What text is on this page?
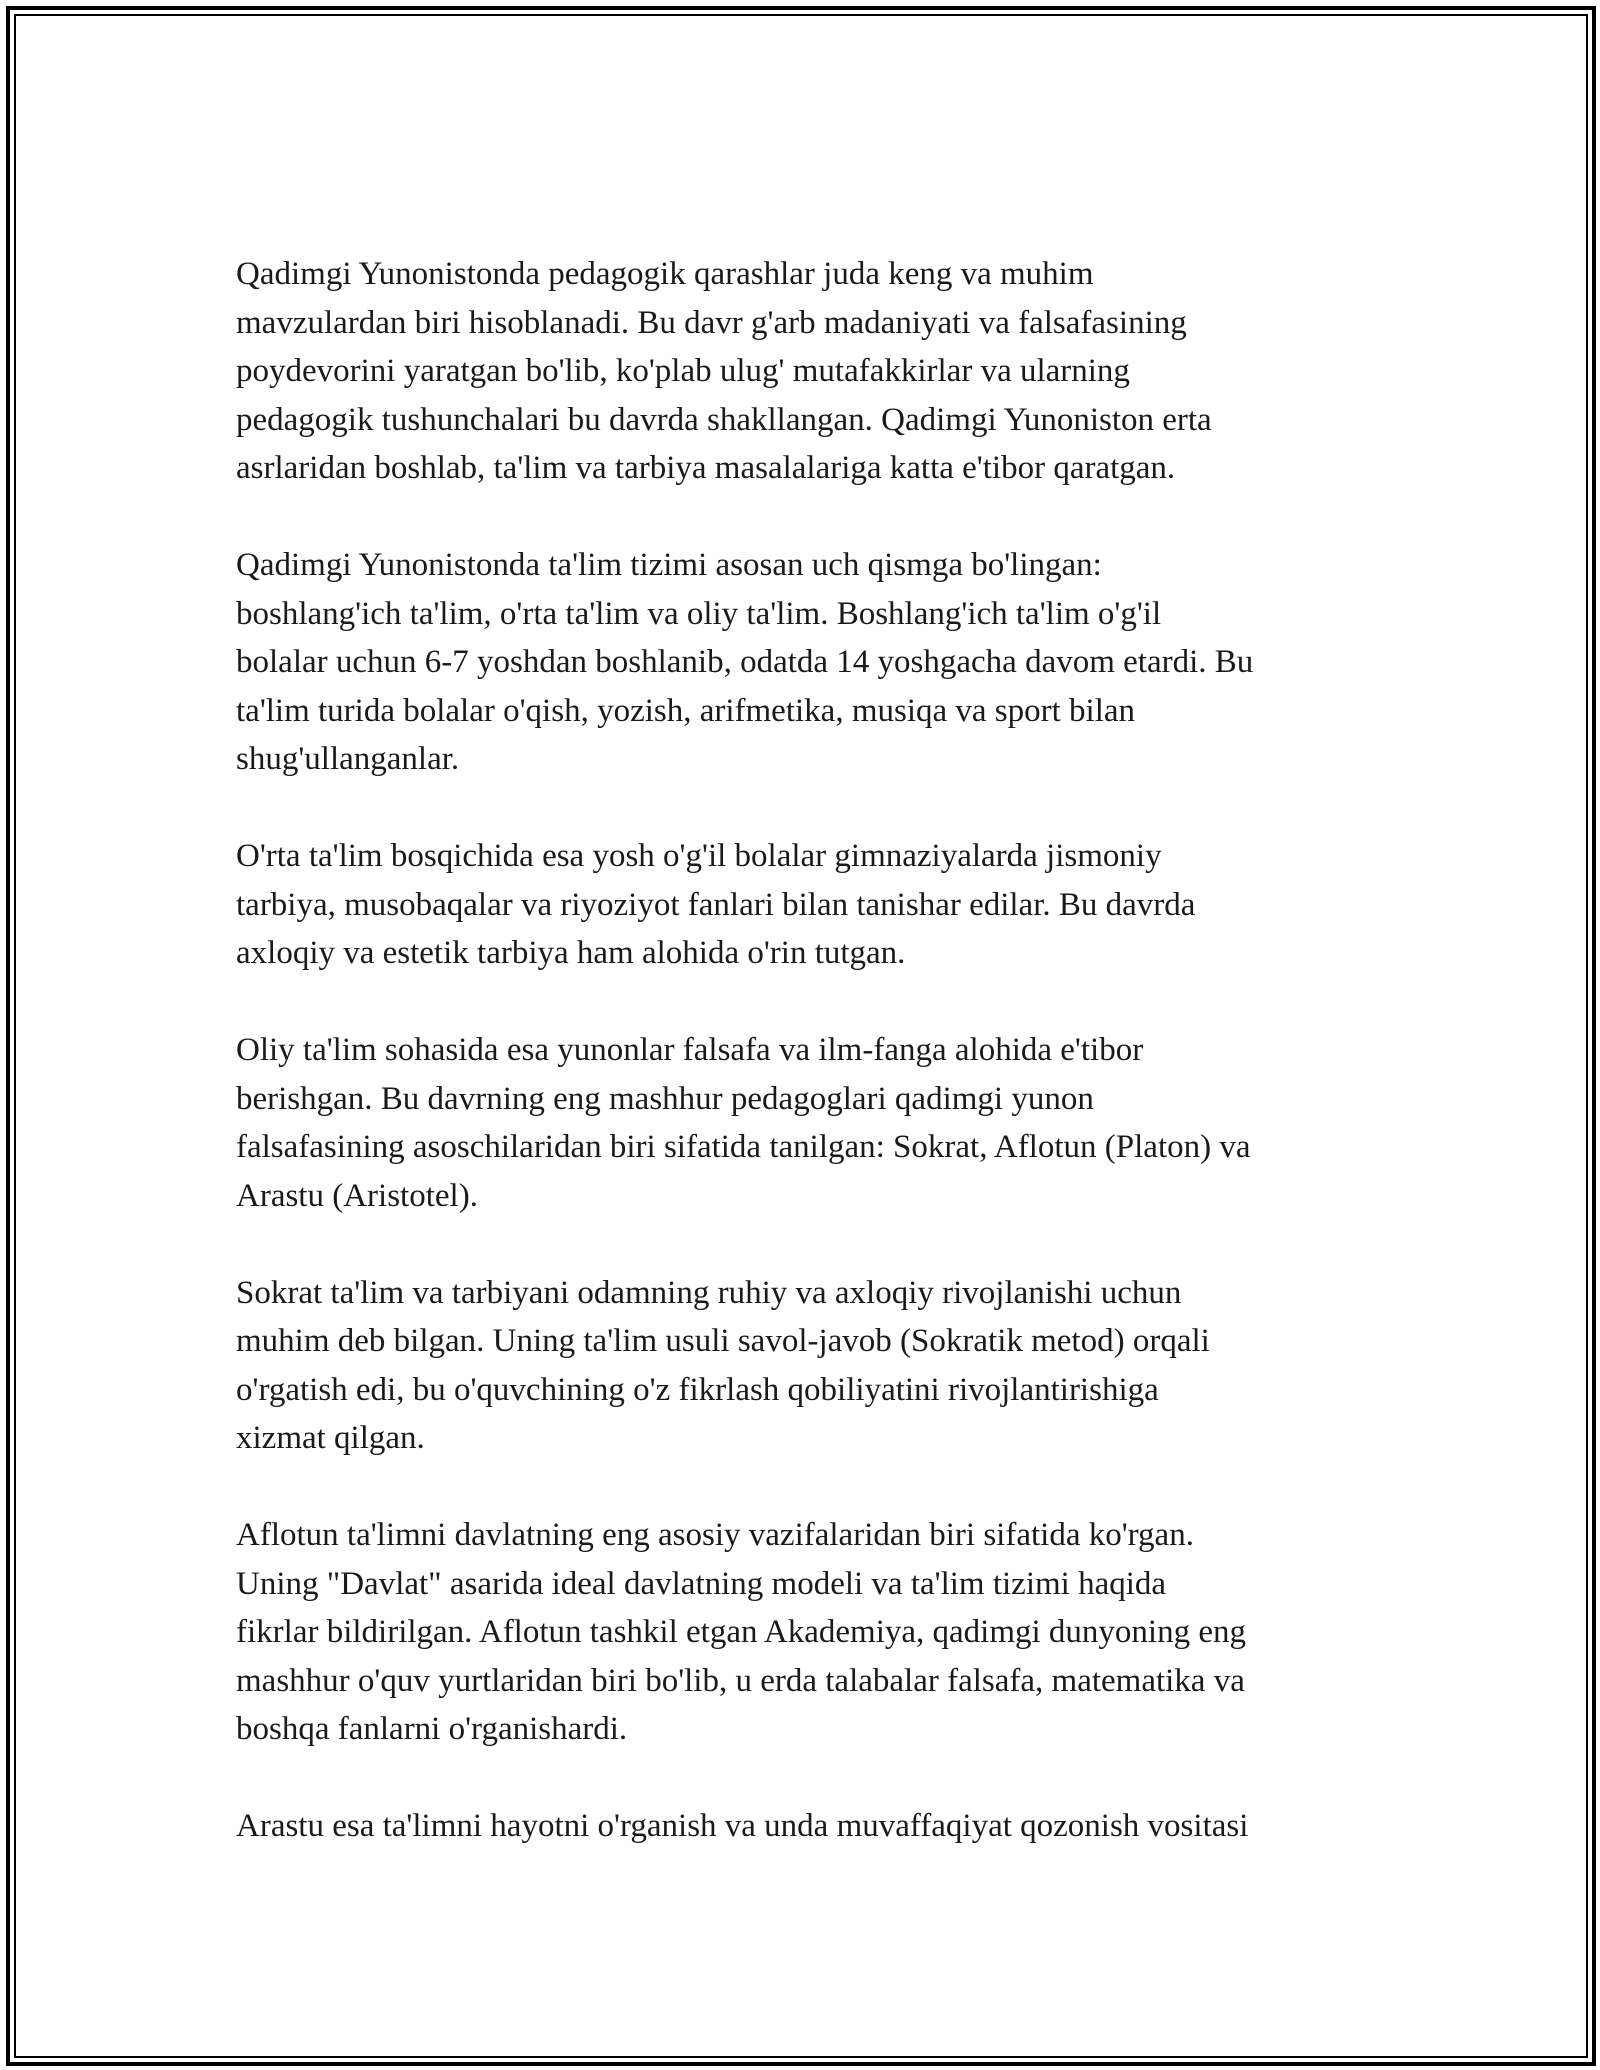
Qadimgi Yunonistonda pedagogik qarashlar juda keng va muhim
mavzulardan biri hisoblanadi. Bu davr g'arb madaniyati va falsafasining
poydevorini yaratgan bo'lib, ko'plab ulug' mutafakkirlar va ularning
pedagogik tushunchalari bu davrda shakllangan. Qadimgi Yunoniston erta
asrlaridan boshlab, ta'lim va tarbiya masalalariga katta e'tibor qaratgan.
Qadimgi Yunonistonda ta'lim tizimi asosan uch qismga bo'lingan:
boshlang'ich ta'lim, o'rta ta'lim va oliy ta'lim. Boshlang'ich ta'lim o'g'il
bolalar uchun 6-7 yoshdan boshlanib, odatda 14 yoshgacha davom etardi. Bu
ta'lim turida bolalar o'qish, yozish, arifmetika, musiqa va sport bilan
shug'ullanganlar.
O'rta ta'lim bosqichida esa yosh o'g'il bolalar gimnaziyalarda jismoniy
tarbiya, musobaqalar va riyoziyot fanlari bilan tanishar edilar. Bu davrda
axloqiy va estetik tarbiya ham alohida o'rin tutgan.
Oliy ta'lim sohasida esa yunonlar falsafa va ilm-fanga alohida e'tibor
berishgan. Bu davrning eng mashhur pedagoglari qadimgi yunon
falsafasining asoschilaridan biri sifatida tanilgan: Sokrat, Aflotun (Platon) va
Arastu (Aristotel).
Sokrat ta'lim va tarbiyani odamning ruhiy va axloqiy rivojlanishi uchun
muhim deb bilgan. Uning ta'lim usuli savol-javob (Sokratik metod) orqali
o'rgatish edi, bu o'quvchining o'z fikrlash qobiliyatini rivojlantirishiga
xizmat qilgan.
Aflotun ta'limni davlatning eng asosiy vazifalaridan biri sifatida ko'rgan.
Uning "Davlat" asarida ideal davlatning modeli va ta'lim tizimi haqida
fikrlar bildirilgan. Aflotun tashkil etgan Akademiya, qadimgi dunyoning eng
mashhur o'quv yurtlaridan biri bo'lib, u erda talabalar falsafa, matematika va
boshqa fanlarni o'rganishardi.
Arastu esa ta'limni hayotni o'rganish va unda muvaffaqiyat qozonish vositasi
